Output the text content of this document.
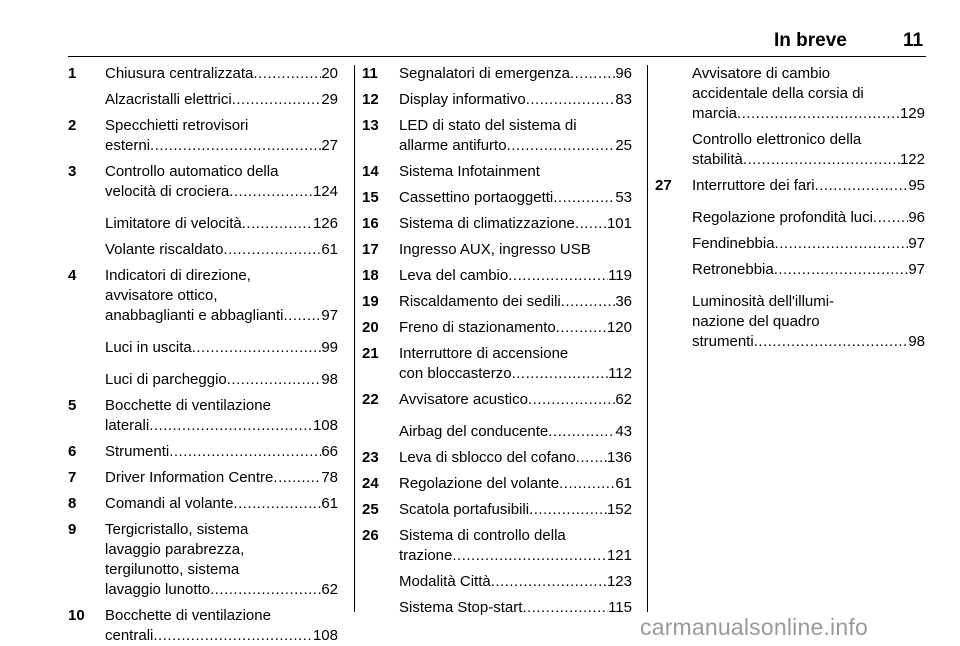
In breve	11
1 Chiusura centralizzata .....	20
Alzacristalli elettrici .....	29
2 Specchietti retrovisori
esterni .....	27
3 Controllo automatico della
velocità di crociera .....	124
Limitatore di velocità .....	126
Volante riscaldato .....	61
4 Indicatori di direzione,
avvisatore ottico,
anabbaglianti e abbaglianti .....	97
Luci in uscita .....	99
Luci di parcheggio .....	98
5 Bocchette di ventilazione
laterali .....	108
6 Strumenti .....	66
7 Driver Information Centre .....	78
8 Comandi al volante .....	61
9 Tergicristallo, sistema
lavaggio parabrezza,
tergilunotto, sistema
lavaggio lunotto .....	62
10 Bocchette di ventilazione
centrali .....	108
11 Segnalatori di emergenza .....	96
12 Display informativo .....	83
13 LED di stato del sistema di
allarme antifurto .....	25
14 Sistema Infotainment
15 Cassettino portaoggetti .....	53
16 Sistema di climatizzazione ..... 101
17 Ingresso AUX, ingresso USB
18 Leva del cambio .....	119
19 Riscaldamento dei sedili .....	36
20 Freno di stazionamento .....	120
21 Interruttore di accensione
con bloccasterzo .....	112
22 Avvisatore acustico .....	62
Airbag del conducente .....	43
23 Leva di sblocco del cofano ..... 136
24 Regolazione del volante .....	61
25 Scatola portafusibili .....	152
26 Sistema di controllo della
trazione .....	121
Modalità Città .....	123
Sistema Stop-start .....	115
Avvisatore di cambio
accidentale della corsia di
marcia .....	129
Controllo elettronico della
stabilità .....	122
27 Interruttore dei fari .....	95
Regolazione profondità luci ..... 96
Fendinebbia .....	97
Retronebbia .....	97
Luminosità dell'illumi-
nazione del quadro
strumenti .....	98
carmanualsonline.info
